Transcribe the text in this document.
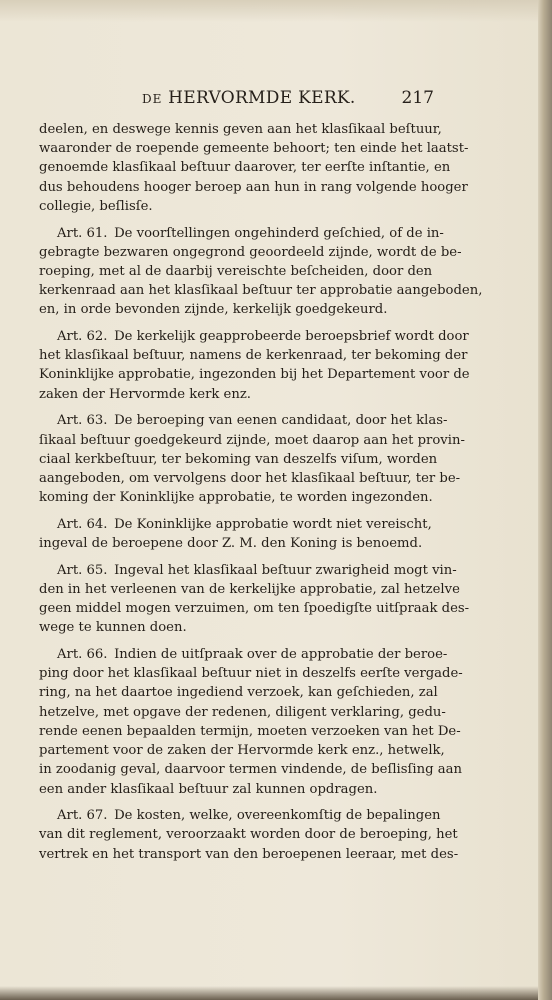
DE HERVORMDE KERK.	217
deelen, en deswege kennis geven aan het klasſikaal beſtuur,
waaronder de roepende gemeente behoort; ten einde het laatst-
genoemde klasſikaal beſtuur daarover, ter eerſte inſtantie, en
dus behoudens hooger beroep aan hun in rang volgende hooger
collegie, beſlisſe.
Art. 61.  De voorſtellingen ongehinderd geſchied, of de in-
gebragte bezwaren ongegrond geoordeeld zijnde, wordt de be-
roeping, met al de daarbij vereischte beſcheiden, door den
kerkenraad aan het klasſikaal beſtuur ter approbatie aangeboden,
en, in orde bevonden zijnde, kerkelijk goedgekeurd.
Art. 62.  De kerkelijk geapprobeerde beroepsbrief wordt door
het klasſikaal beſtuur, namens de kerkenraad, ter bekoming der
Koninklijke approbatie, ingezonden bij het Departement voor de
zaken der Hervormde kerk enz.
Art. 63.  De beroeping van eenen candidaat, door het klas-
ſikaal beſtuur goedgekeurd zijnde, moet daarop aan het provin-
ciaal kerkbeſtuur, ter bekoming van deszelfs viſum, worden
aangeboden, om vervolgens door het klasſikaal beſtuur, ter be-
koming der Koninklijke approbatie, te worden ingezonden.
Art. 64.  De Koninklijke approbatie wordt niet vereischt,
ingeval de beroepene door Z. M. den Koning is benoemd.
Art. 65.  Ingeval het klasſikaal beſtuur zwarigheid mogt vin-
den in het verleenen van de kerkelijke approbatie, zal hetzelve
geen middel mogen verzuimen, om ten ſpoedigſte uitſpraak des-
wege te kunnen doen.
Art. 66.  Indien de uitſpraak over de approbatie der beroe-
ping door het klasſikaal beſtuur niet in deszelfs eerſte vergade-
ring, na het daartoe ingediend verzoek, kan geſchieden, zal
hetzelve, met opgave der redenen, diligent verklaring, gedu-
rende eenen bepaalden termijn, moeten verzoeken van het De-
partement voor de zaken der Hervormde kerk enz., hetwelk,
in zoodanig geval, daarvoor termen vindende, de beſlisſing aan
een ander klasſikaal beſtuur zal kunnen opdragen.
Art. 67.  De kosten, welke, overeenkomſtig de bepalingen
van dit reglement, veroorzaakt worden door de beroeping, het
vertrek en het transport van den beroepenen leeraar, met des-
